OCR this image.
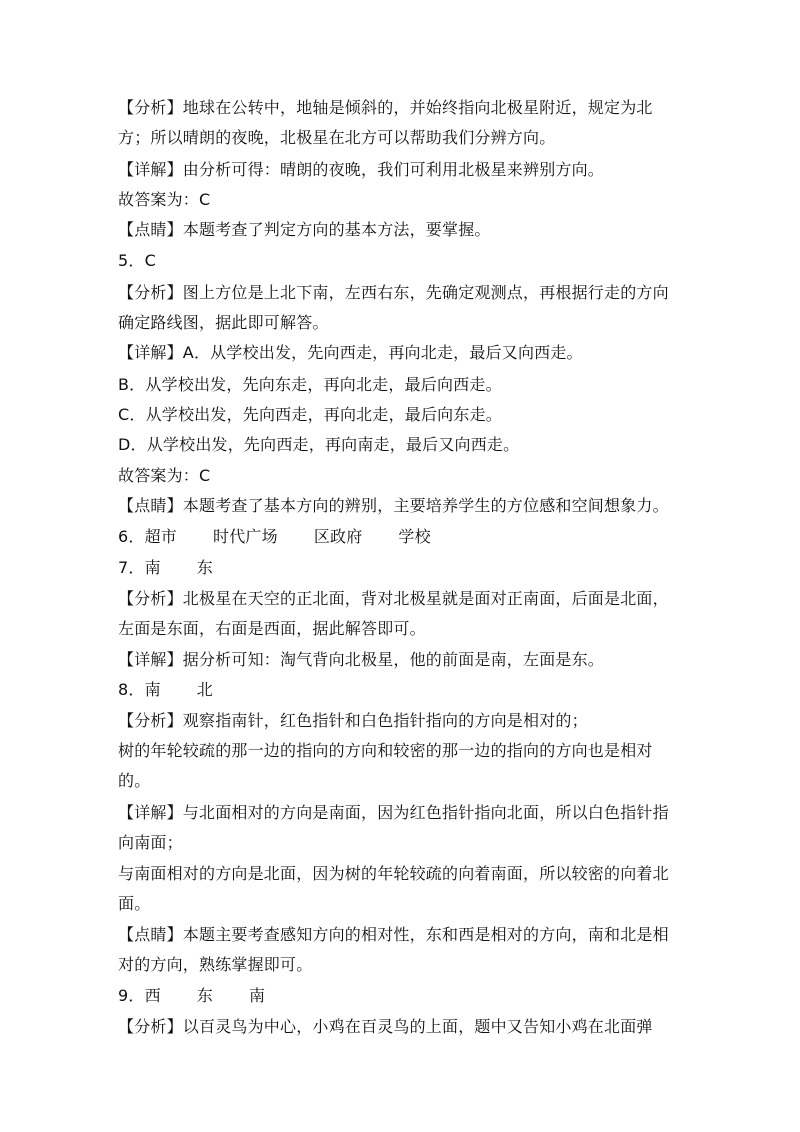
【分析】地球在公转中，地轴是倾斜的，并始终指向北极星附近，规定为北
方；所以晴朗的夜晚，北极星在北方可以帮助我们分辨方向。
【详解】由分析可得：晴朗的夜晚，我们可利用北极星来辨别方向。
故答案为：C
【点睛】本题考查了判定方向的基本方法，要掌握。
5．C
【分析】图上方位是上北下南，左西右东，先确定观测点，再根据行走的方向
确定路线图，据此即可解答。
【详解】A．从学校出发，先向西走，再向北走，最后又向西走。
B．从学校出发，先向东走，再向北走，最后向西走。
C．从学校出发，先向西走，再向北走，最后向东走。
D．从学校出发，先向西走，再向南走，最后又向西走。
故答案为：C
【点睛】本题考查了基本方向的辨别，主要培养学生的方位感和空间想象力。
6．超市 时代广场 区政府 学校
7．南 东
【分析】北极星在天空的正北面，背对北极星就是面对正南面，后面是北面，
左面是东面，右面是西面，据此解答即可。
【详解】据分析可知：淘气背向北极星，他的前面是南，左面是东。
8．南 北
【分析】观察指南针，红色指针和白色指针指向的方向是相对的；
树的年轮较疏的那一边的指向的方向和较密的那一边的指向的方向也是相对
的。
【详解】与北面相对的方向是南面，因为红色指针指向北面，所以白色指针指
向南面；
与南面相对的方向是北面，因为树的年轮较疏的向着南面，所以较密的向着北
面。
【点睛】本题主要考查感知方向的相对性，东和西是相对的方向，南和北是相
对的方向，熟练掌握即可。
9．西 东 南
【分析】以百灵鸟为中心，小鸡在百灵鸟的上面，题中又告知小鸡在北面弹
